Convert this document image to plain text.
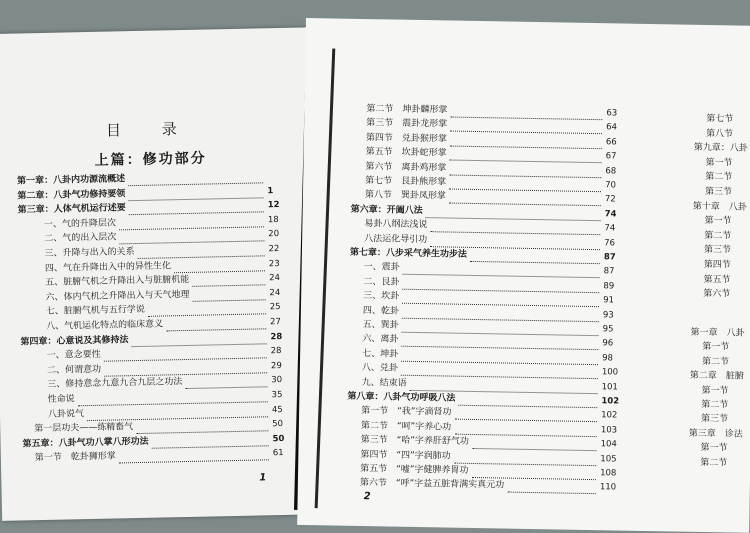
目 录
上篇：修功部分
第一章：八卦内功源流概述
第二章：八卦气功修持要领	1
第三章：人体气机运行述要	12
一、气的升降层次	18
二、气的出入层次	20
三、升降与出入的关系	22
四、气在升降出入中的异性生化	23
五、脏腑气机之升降出入与脏腑机能	24
六、体内气机之升降出入与天气地理	24
七、脏腑气机与五行学说	25
八、气机运化特点的临床意义	27
第四章：心意说及其修持法	28
一、意念要性	28
二、何谓意功	29
三、修持意念九意九合九层之功法	30
性命说	35
八卦说气	45
第一层功夫——练精畜气	50
第五章：八卦气功八掌八形功法	50
第一节　乾卦狮形掌	61
1
第二节　坤卦麟形掌	63
第三节　震卦龙形掌	64
第四节　兑卦猴形掌	66
第五节　坎卦蛇形掌	67
第六节　离卦鸡形掌	68
第七节　艮卦熊形掌	70
第八节　巽卦凤形掌	72
第六章：开阖八法	74
易卦八纲法浅说	74
八法运化导引功	76
第七章：八步采气养生功步法	87
一、震卦	87
二、艮卦	89
三、坎卦	91
四、乾卦	93
五、巽卦	95
六、离卦	96
七、坤卦	98
八、兑卦	100
九、结束语	101
第八章：八卦气功呼吸八法	102
第一节　“我”字滴肾功	102
第二节　“呵”字养心功	103
第三节　“哈”字养肝舒气功	104
第四节　“四”字润肺功	105
第五节　“嘘”字健脾养胃功	108
第六节　“呼”字益五脏背满实真元功	110
2
第七节
第八节
第九章：八卦
第一节
第二节
第三节
第十章　八卦
第一节
第二节
第三节
第四节
第五节
第六节
第一章　八卦
第一节
第二节
第二章　脏腑
第一节
第二节
第三节
第三章　诊法
第一节
第二节
